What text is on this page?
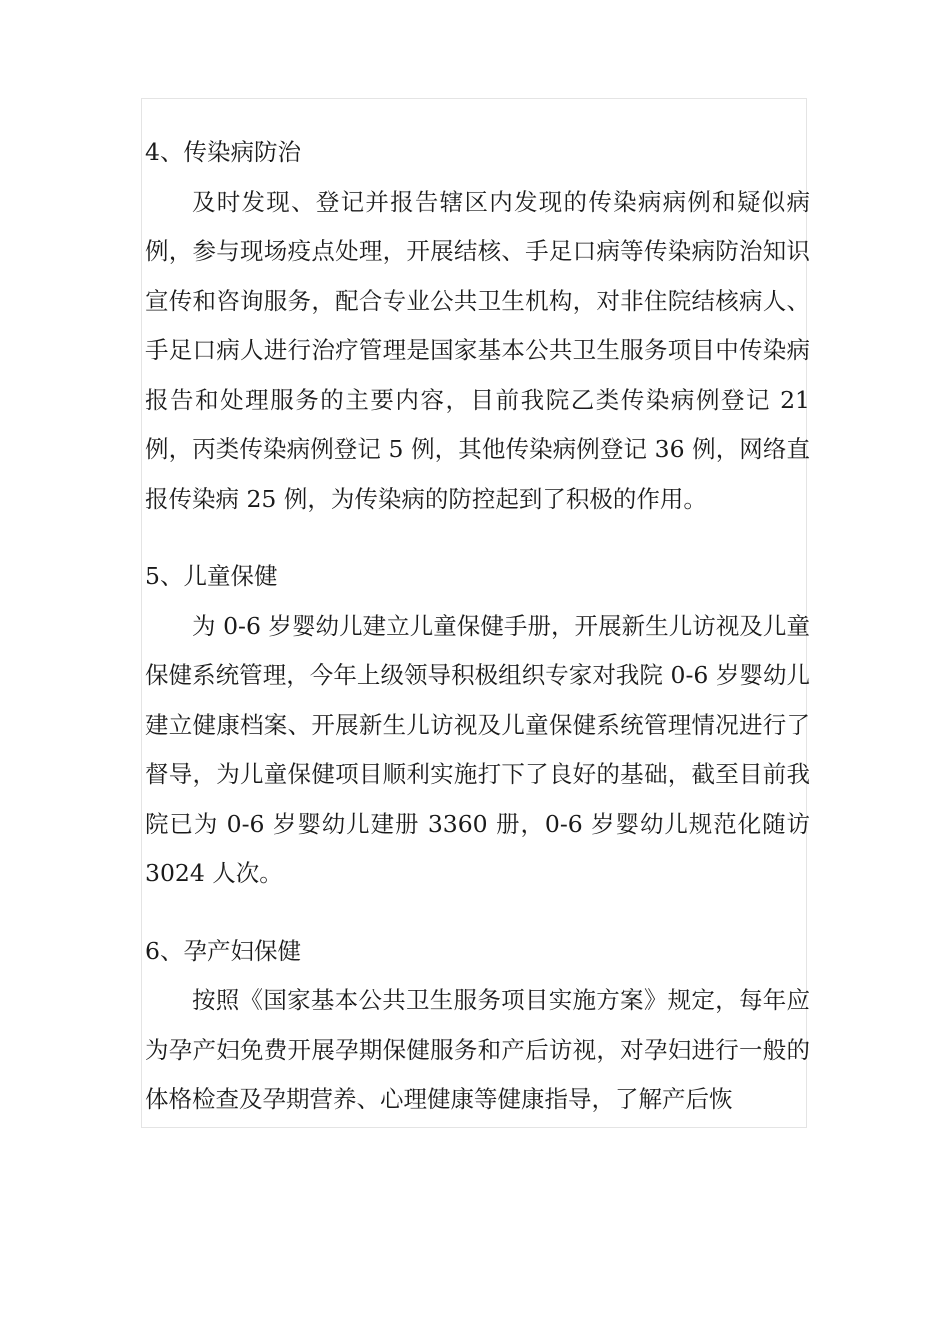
4、传染病防治

及时发现、登记并报告辖区内发现的传染病病例和疑似病例，参与现场疫点处理，开展结核、手足口病等传染病防治知识宣传和咨询服务，配合专业公共卫生机构，对非住院结核病人、手足口病人进行治疗管理是国家基本公共卫生服务项目中传染病报告和处理服务的主要内容，目前我院乙类传染病例登记 21 例，丙类传染病例登记 5 例，其他传染病例登记 36 例，网络直报传染病 25 例，为传染病的防控起到了积极的作用。

5、儿童保健

为 0-6 岁婴幼儿建立儿童保健手册，开展新生儿访视及儿童保健系统管理，今年上级领导积极组织专家对我院 0-6 岁婴幼儿建立健康档案、开展新生儿访视及儿童保健系统管理情况进行了督导，为儿童保健项目顺利实施打下了良好的基础，截至目前我院已为 0-6 岁婴幼儿建册 3360 册，0-6 岁婴幼儿规范化随访 3024 人次。

6、孕产妇保健

按照《国家基本公共卫生服务项目实施方案》规定，每年应为孕产妇免费开展孕期保健服务和产后访视，对孕妇进行一般的体格检查及孕期营养、心理健康等健康指导，了解产后恢
